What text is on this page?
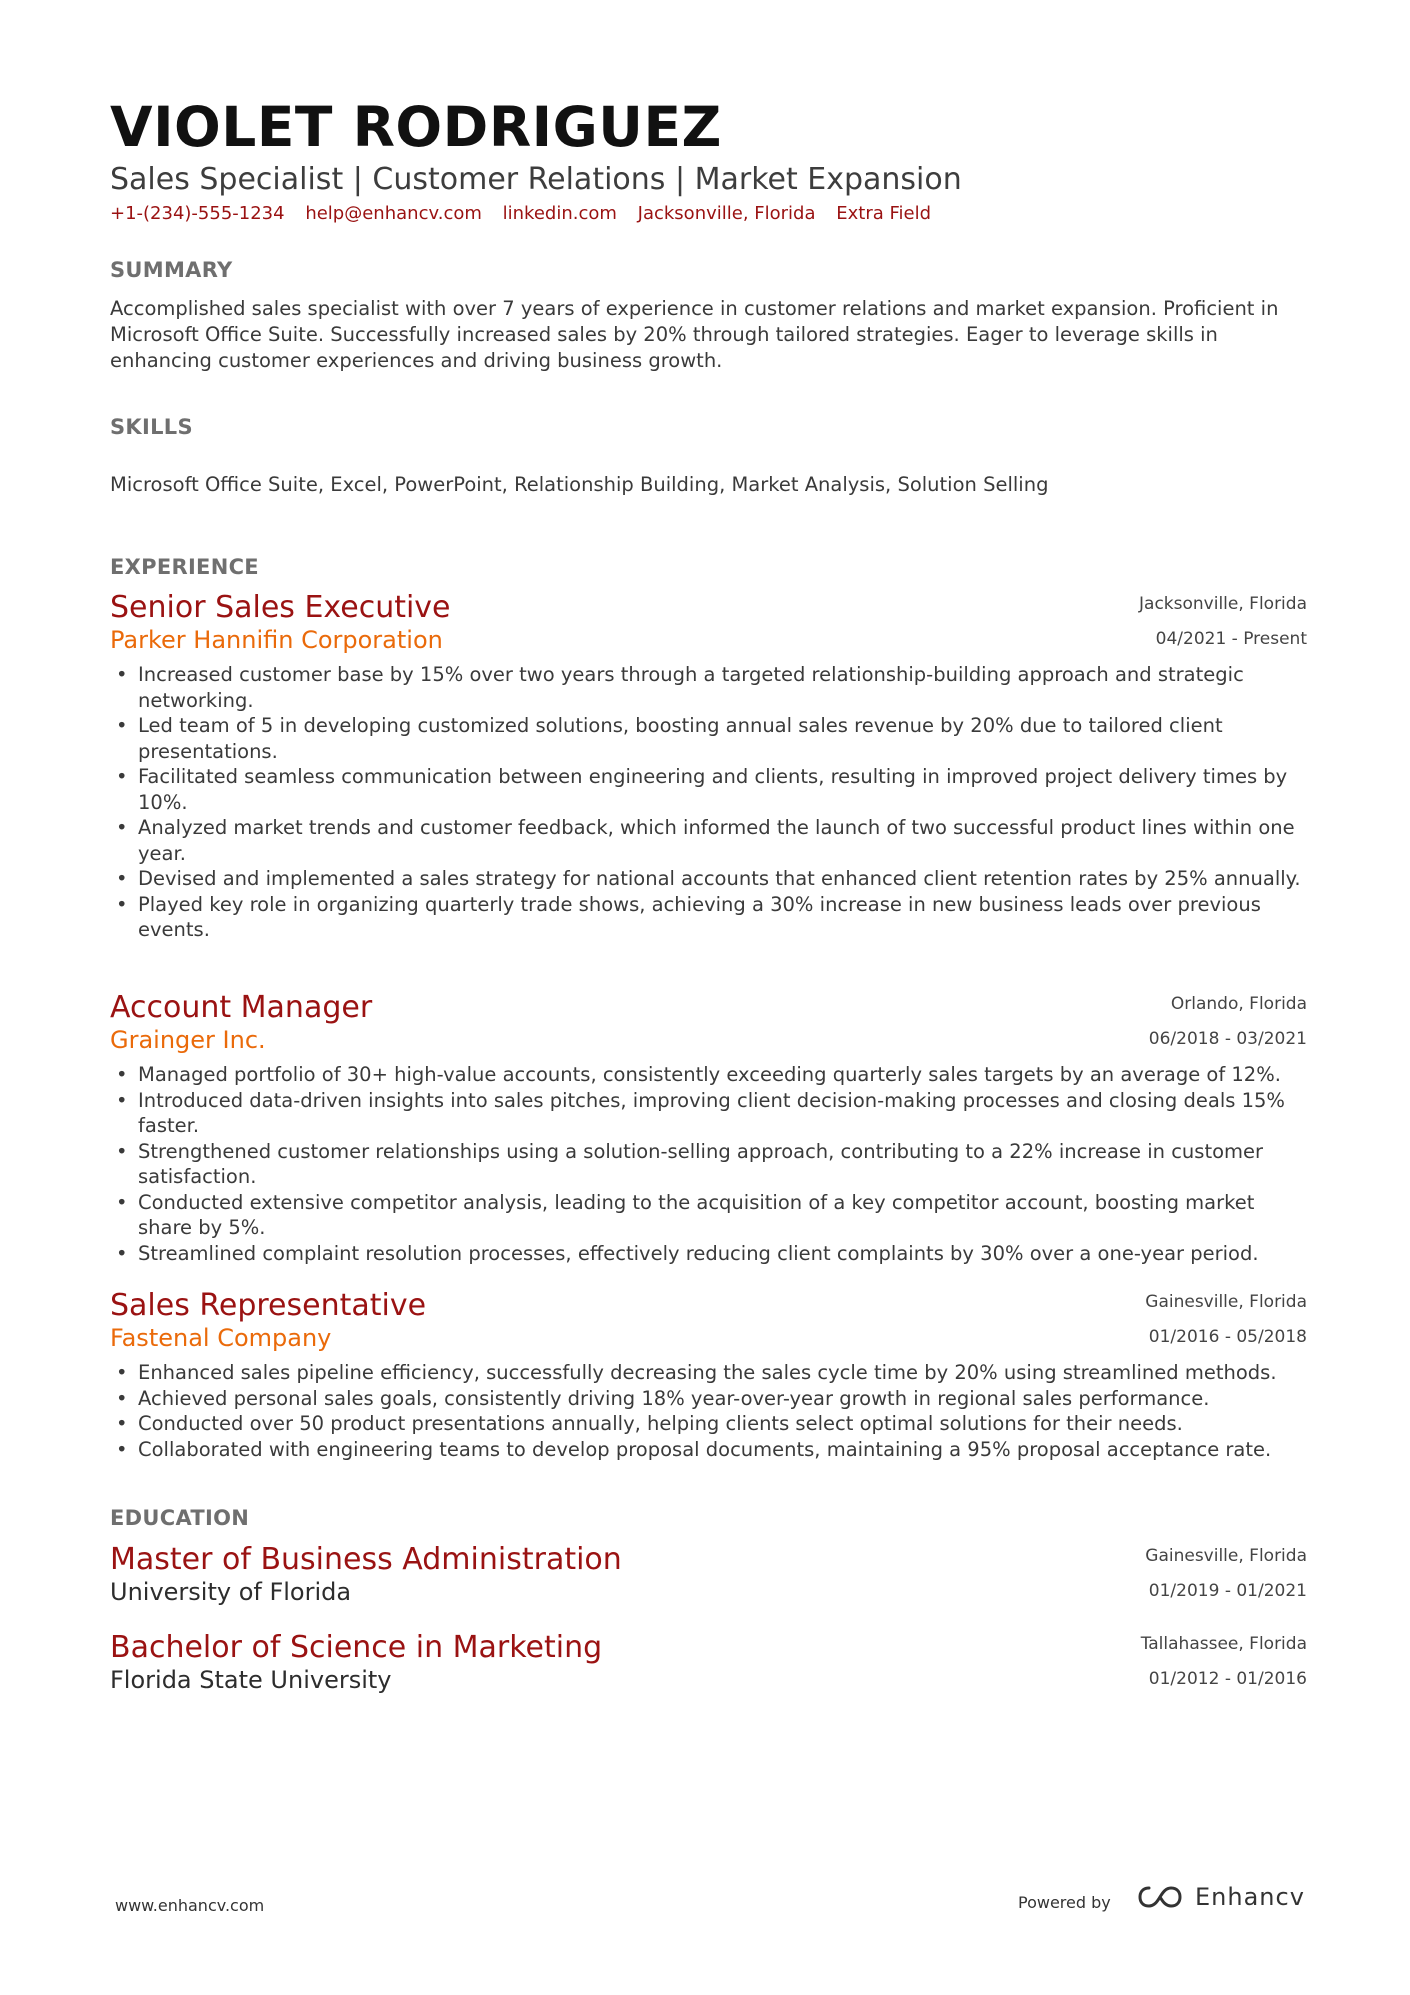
VIOLET RODRIGUEZ
Sales Specialist | Customer Relations | Market Expansion
+1-(234)-555-1234 help@enhancv.com linkedin.com Jacksonville, Florida Extra Field
SUMMARY
Accomplished sales specialist with over 7 years of experience in customer relations and market expansion. Proficient in Microsoft Office Suite. Successfully increased sales by 20% through tailored strategies. Eager to leverage skills in enhancing customer experiences and driving business growth.
SKILLS
Microsoft Office Suite, Excel, PowerPoint, Relationship Building, Market Analysis, Solution Selling
EXPERIENCE
Senior Sales Executive
Parker Hannifin Corporation
Jacksonville, Florida
04/2021 - Present
• Increased customer base by 15% over two years through a targeted relationship-building approach and strategic networking.
• Led team of 5 in developing customized solutions, boosting annual sales revenue by 20% due to tailored client presentations.
• Facilitated seamless communication between engineering and clients, resulting in improved project delivery times by 10%.
• Analyzed market trends and customer feedback, which informed the launch of two successful product lines within one year.
• Devised and implemented a sales strategy for national accounts that enhanced client retention rates by 25% annually.
• Played key role in organizing quarterly trade shows, achieving a 30% increase in new business leads over previous events.
Account Manager
Grainger Inc.
Orlando, Florida
06/2018 - 03/2021
• Managed portfolio of 30+ high-value accounts, consistently exceeding quarterly sales targets by an average of 12%.
• Introduced data-driven insights into sales pitches, improving client decision-making processes and closing deals 15% faster.
• Strengthened customer relationships using a solution-selling approach, contributing to a 22% increase in customer satisfaction.
• Conducted extensive competitor analysis, leading to the acquisition of a key competitor account, boosting market share by 5%.
• Streamlined complaint resolution processes, effectively reducing client complaints by 30% over a one-year period.
Sales Representative
Fastenal Company
Gainesville, Florida
01/2016 - 05/2018
• Enhanced sales pipeline efficiency, successfully decreasing the sales cycle time by 20% using streamlined methods.
• Achieved personal sales goals, consistently driving 18% year-over-year growth in regional sales performance.
• Conducted over 50 product presentations annually, helping clients select optimal solutions for their needs.
• Collaborated with engineering teams to develop proposal documents, maintaining a 95% proposal acceptance rate.
EDUCATION
Master of Business Administration
University of Florida
Gainesville, Florida
01/2019 - 01/2021
Bachelor of Science in Marketing
Florida State University
Tallahassee, Florida
01/2012 - 01/2016
www.enhancv.com	Powered by	Enhancv
